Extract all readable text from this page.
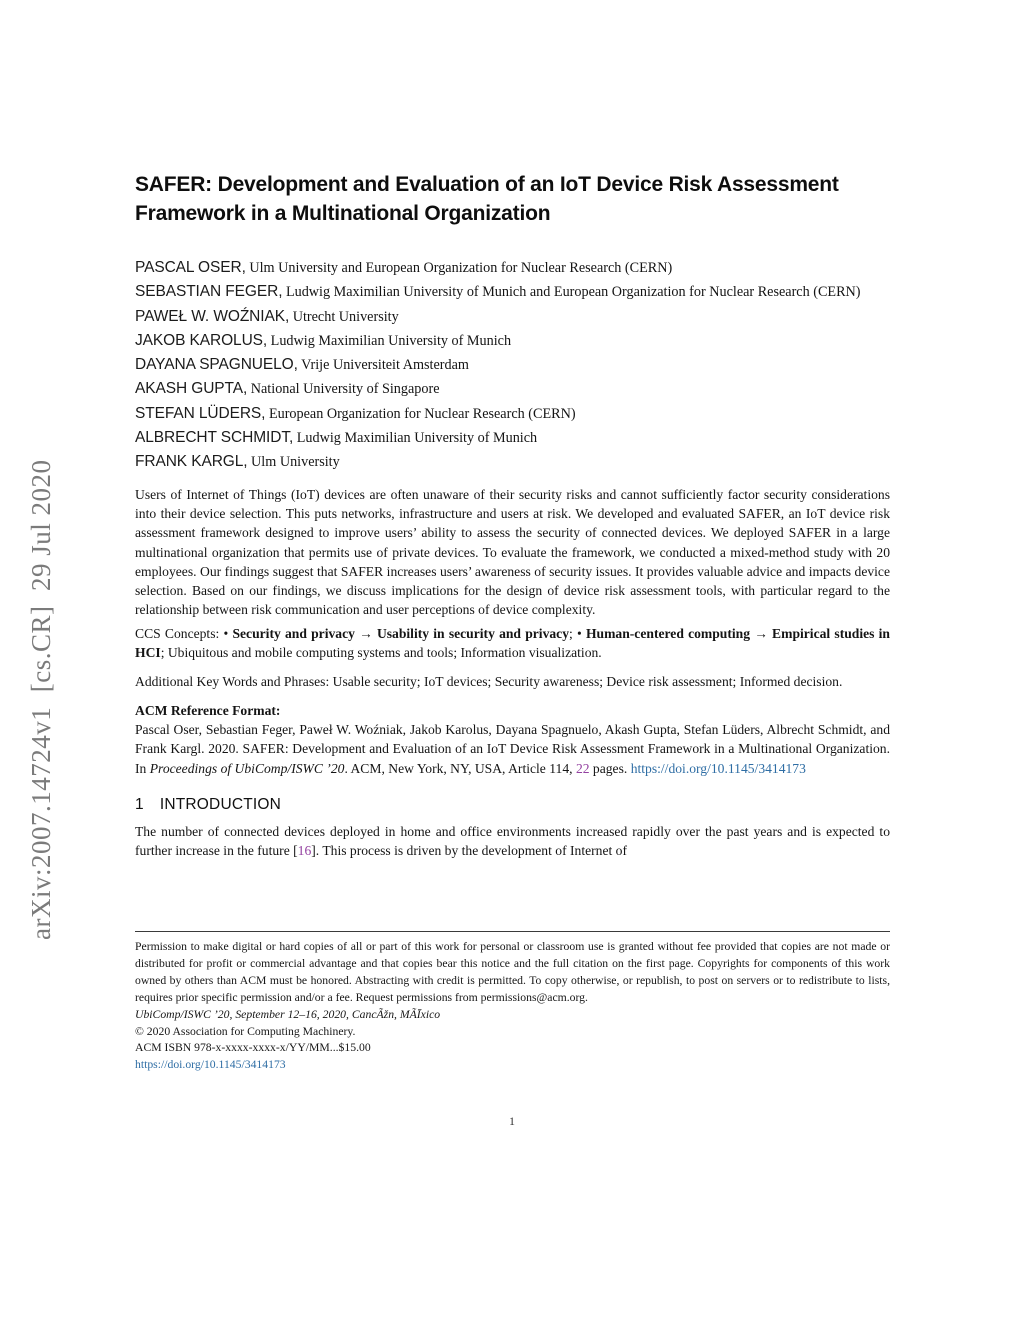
arXiv:2007.14724v1  [cs.CR]  29 Jul 2020
SAFER: Development and Evaluation of an IoT Device Risk Assessment Framework in a Multinational Organization
PASCAL OSER, Ulm University and European Organization for Nuclear Research (CERN)
SEBASTIAN FEGER, Ludwig Maximilian University of Munich and European Organization for Nuclear Research (CERN)
PAWEŁ W. WOŹNIAK, Utrecht University
JAKOB KAROLUS, Ludwig Maximilian University of Munich
DAYANA SPAGNUELO, Vrije Universiteit Amsterdam
AKASH GUPTA, National University of Singapore
STEFAN LÜDERS, European Organization for Nuclear Research (CERN)
ALBRECHT SCHMIDT, Ludwig Maximilian University of Munich
FRANK KARGL, Ulm University
Users of Internet of Things (IoT) devices are often unaware of their security risks and cannot sufficiently factor security considerations into their device selection. This puts networks, infrastructure and users at risk. We developed and evaluated SAFER, an IoT device risk assessment framework designed to improve users’ ability to assess the security of connected devices. We deployed SAFER in a large multinational organization that permits use of private devices. To evaluate the framework, we conducted a mixed-method study with 20 employees. Our findings suggest that SAFER increases users’ awareness of security issues. It provides valuable advice and impacts device selection. Based on our findings, we discuss implications for the design of device risk assessment tools, with particular regard to the relationship between risk communication and user perceptions of device complexity.
CCS Concepts: • Security and privacy → Usability in security and privacy; • Human-centered computing → Empirical studies in HCI; Ubiquitous and mobile computing systems and tools; Information visualization.
Additional Key Words and Phrases: Usable security; IoT devices; Security awareness; Device risk assessment; Informed decision.
ACM Reference Format:
Pascal Oser, Sebastian Feger, Paweł W. Woźniak, Jakob Karolus, Dayana Spagnuelo, Akash Gupta, Stefan Lüders, Albrecht Schmidt, and Frank Kargl. 2020. SAFER: Development and Evaluation of an IoT Device Risk Assessment Framework in a Multinational Organization. In Proceedings of UbiComp/ISWC ’20. ACM, New York, NY, USA, Article 114, 22 pages. https://doi.org/10.1145/3414173
1 INTRODUCTION
The number of connected devices deployed in home and office environments increased rapidly over the past years and is expected to further increase in the future [16]. This process is driven by the development of Internet of
Permission to make digital or hard copies of all or part of this work for personal or classroom use is granted without fee provided that copies are not made or distributed for profit or commercial advantage and that copies bear this notice and the full citation on the first page. Copyrights for components of this work owned by others than ACM must be honored. Abstracting with credit is permitted. To copy otherwise, or republish, to post on servers or to redistribute to lists, requires prior specific permission and/or a fee. Request permissions from permissions@acm.org.
UbiComp/ISWC ’20, September 12–16, 2020, CancÃžn, MÃĪxico
© 2020 Association for Computing Machinery.
ACM ISBN 978-x-xxxx-xxxx-x/YY/MM...$15.00
https://doi.org/10.1145/3414173
1
